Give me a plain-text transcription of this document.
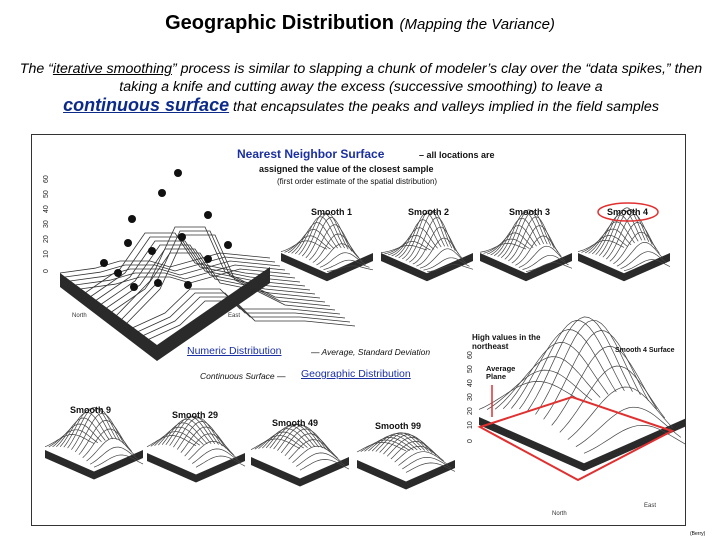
Geographic Distribution (Mapping the Variance)
The “iterative smoothing” process is similar to slapping a chunk of modeler’s clay over the “data spikes,” then taking a knife and cutting away the excess (successive smoothing) to leave a
continuous surface that encapsulates the peaks and valleys implied in the field samples
0
10
20
30
40
50
60
0
10
20
30
40
50
60
North	East
North
East
Nearest Neighbor Surface	– all locations are
assigned the value of the closest sample
(first order estimate of the spatial distribution)
Smooth 1	Smooth 2	Smooth 3	Smooth 4
Numeric Distribution	— Average, Standard Deviation
Continuous Surface — Geographic Distribution
Smooth 9	Smooth 29
Smooth 49	Smooth 99
High values in the northeast	Smooth 4 Surface
Average Plane
(Berry)
